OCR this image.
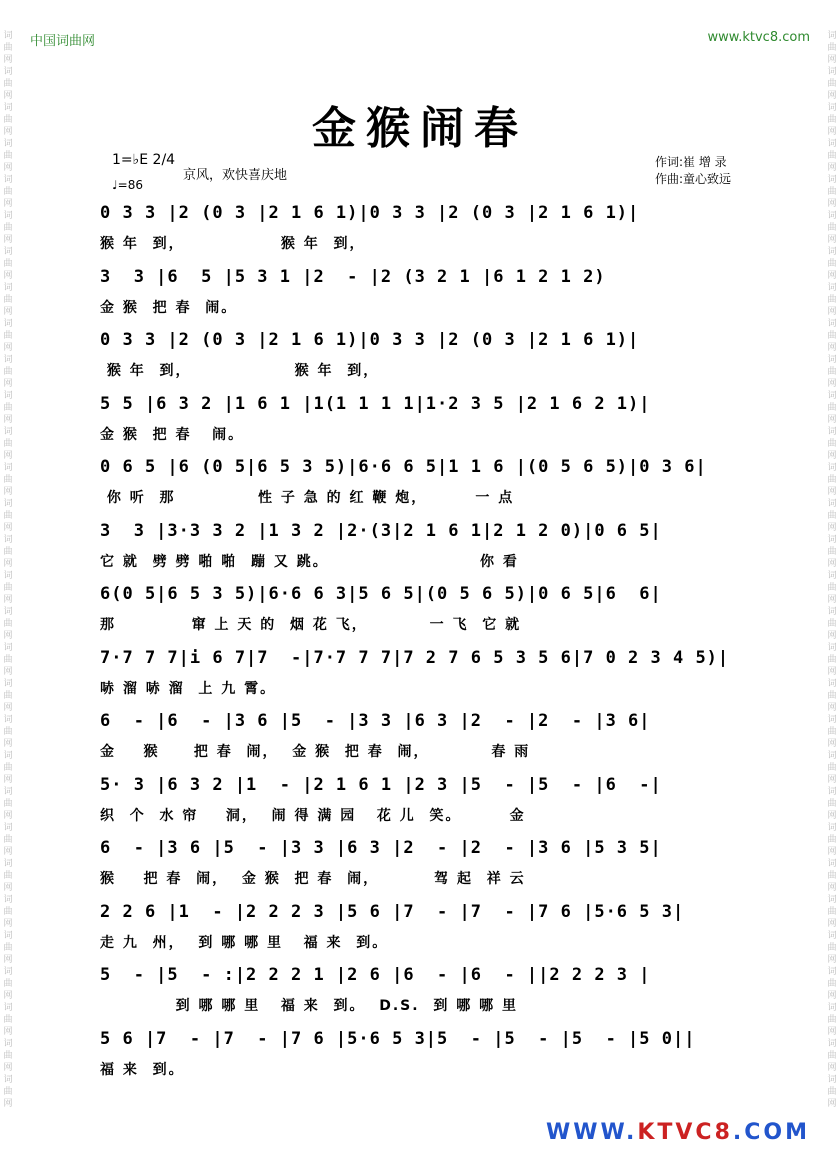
中国词曲网	www.ktvc8.com
词曲网词曲网词曲网词曲网词曲网词曲网词曲网词曲网词曲网词曲网词曲网词曲网词曲网词曲网词曲网词曲网词曲网词曲网词曲网词曲网词曲网词曲网词曲网词曲网词曲网词曲网词曲网词曲网词曲网词曲网
词曲网词曲网词曲网词曲网词曲网词曲网词曲网词曲网词曲网词曲网词曲网词曲网词曲网词曲网词曲网词曲网词曲网词曲网词曲网词曲网词曲网词曲网词曲网词曲网词曲网词曲网词曲网词曲网词曲网词曲网
金猴闹春
1=♭E 2/4
♩=86
京风，欢快喜庆地
作词:崔 增 录
作曲:童心致远
0 3 3 |2 (0 3 |2 1 6 1)|0 3 3 |2 (0 3 |2 1 6 1)|
猴 年  到，              猴 年  到，
3  3 |6  5 |5 3 1 |2  - |2 (3 2 1 |6 1 2 1 2)
金 猴  把 春  闹。
0 3 3 |2 (0 3 |2 1 6 1)|0 3 3 |2 (0 3 |2 1 6 1)|
猴 年  到，               猴 年  到，
5 5 |6 3 2 |1 6 1 |1(1 1 1 1|1·2 3 5 |2 1 6 2 1)|
金 猴  把 春   闹。
0 6 5 |6 (0 5|6 5 3 5)|6·6 6 5|1 1 6 |(0 5 6 5)|0 3 6|
你 听  那            性 子 急 的 红 鞭 炮，       一 点
3  3 |3·3 3 2 |1 3 2 |2·(3|2 1 6 1|2 1 2 0)|0 6 5|
它 就  劈 劈 啪 啪  蹦 又 跳。                      你 看
6(0 5|6 5 3 5)|6·6 6 3|5 6 5|(0 5 6 5)|0 6 5|6  6|
那           窜 上 天 的  烟 花 飞，         一 飞  它 就
7·7 7 7|i 6 7|7  -|7·7 7 7|7 2 7 6 5 3 5 6|7 0 2 3 4 5)|
哧 溜 哧 溜  上 九 霄。
6  - |6  - |3 6 |5  - |3 3 |6 3 |2  - |2  - |3 6|
金    猴     把 春  闹，  金 猴  把 春  闹，         春 雨
5· 3 |6 3 2 |1  - |2 1 6 1 |2 3 |5  - |5  - |6  -|
织  个  水 帘    洞，  闹 得 满 园   花 儿  笑。       金
6  - |3 6 |5  - |3 3 |6 3 |2  - |2  - |3 6 |5 3 5|
猴    把 春  闹，  金 猴  把 春  闹，        驾 起  祥 云
2 2 6 |1  - |2 2 2 3 |5 6 |7  - |7  - |7 6 |5·6 5 3|
走 九  州，  到 哪 哪 里   福 来  到。
5  - |5  - :|2 2 2 1 |2 6 |6  - |6  - ||2 2 2 3 |
到 哪 哪 里   福 来  到。  D.S.  到 哪 哪 里
5 6 |7  - |7  - |7 6 |5·6 5 3|5  - |5  - |5  - |5 0||
福 来  到。
WWW.KTVC8.COM
